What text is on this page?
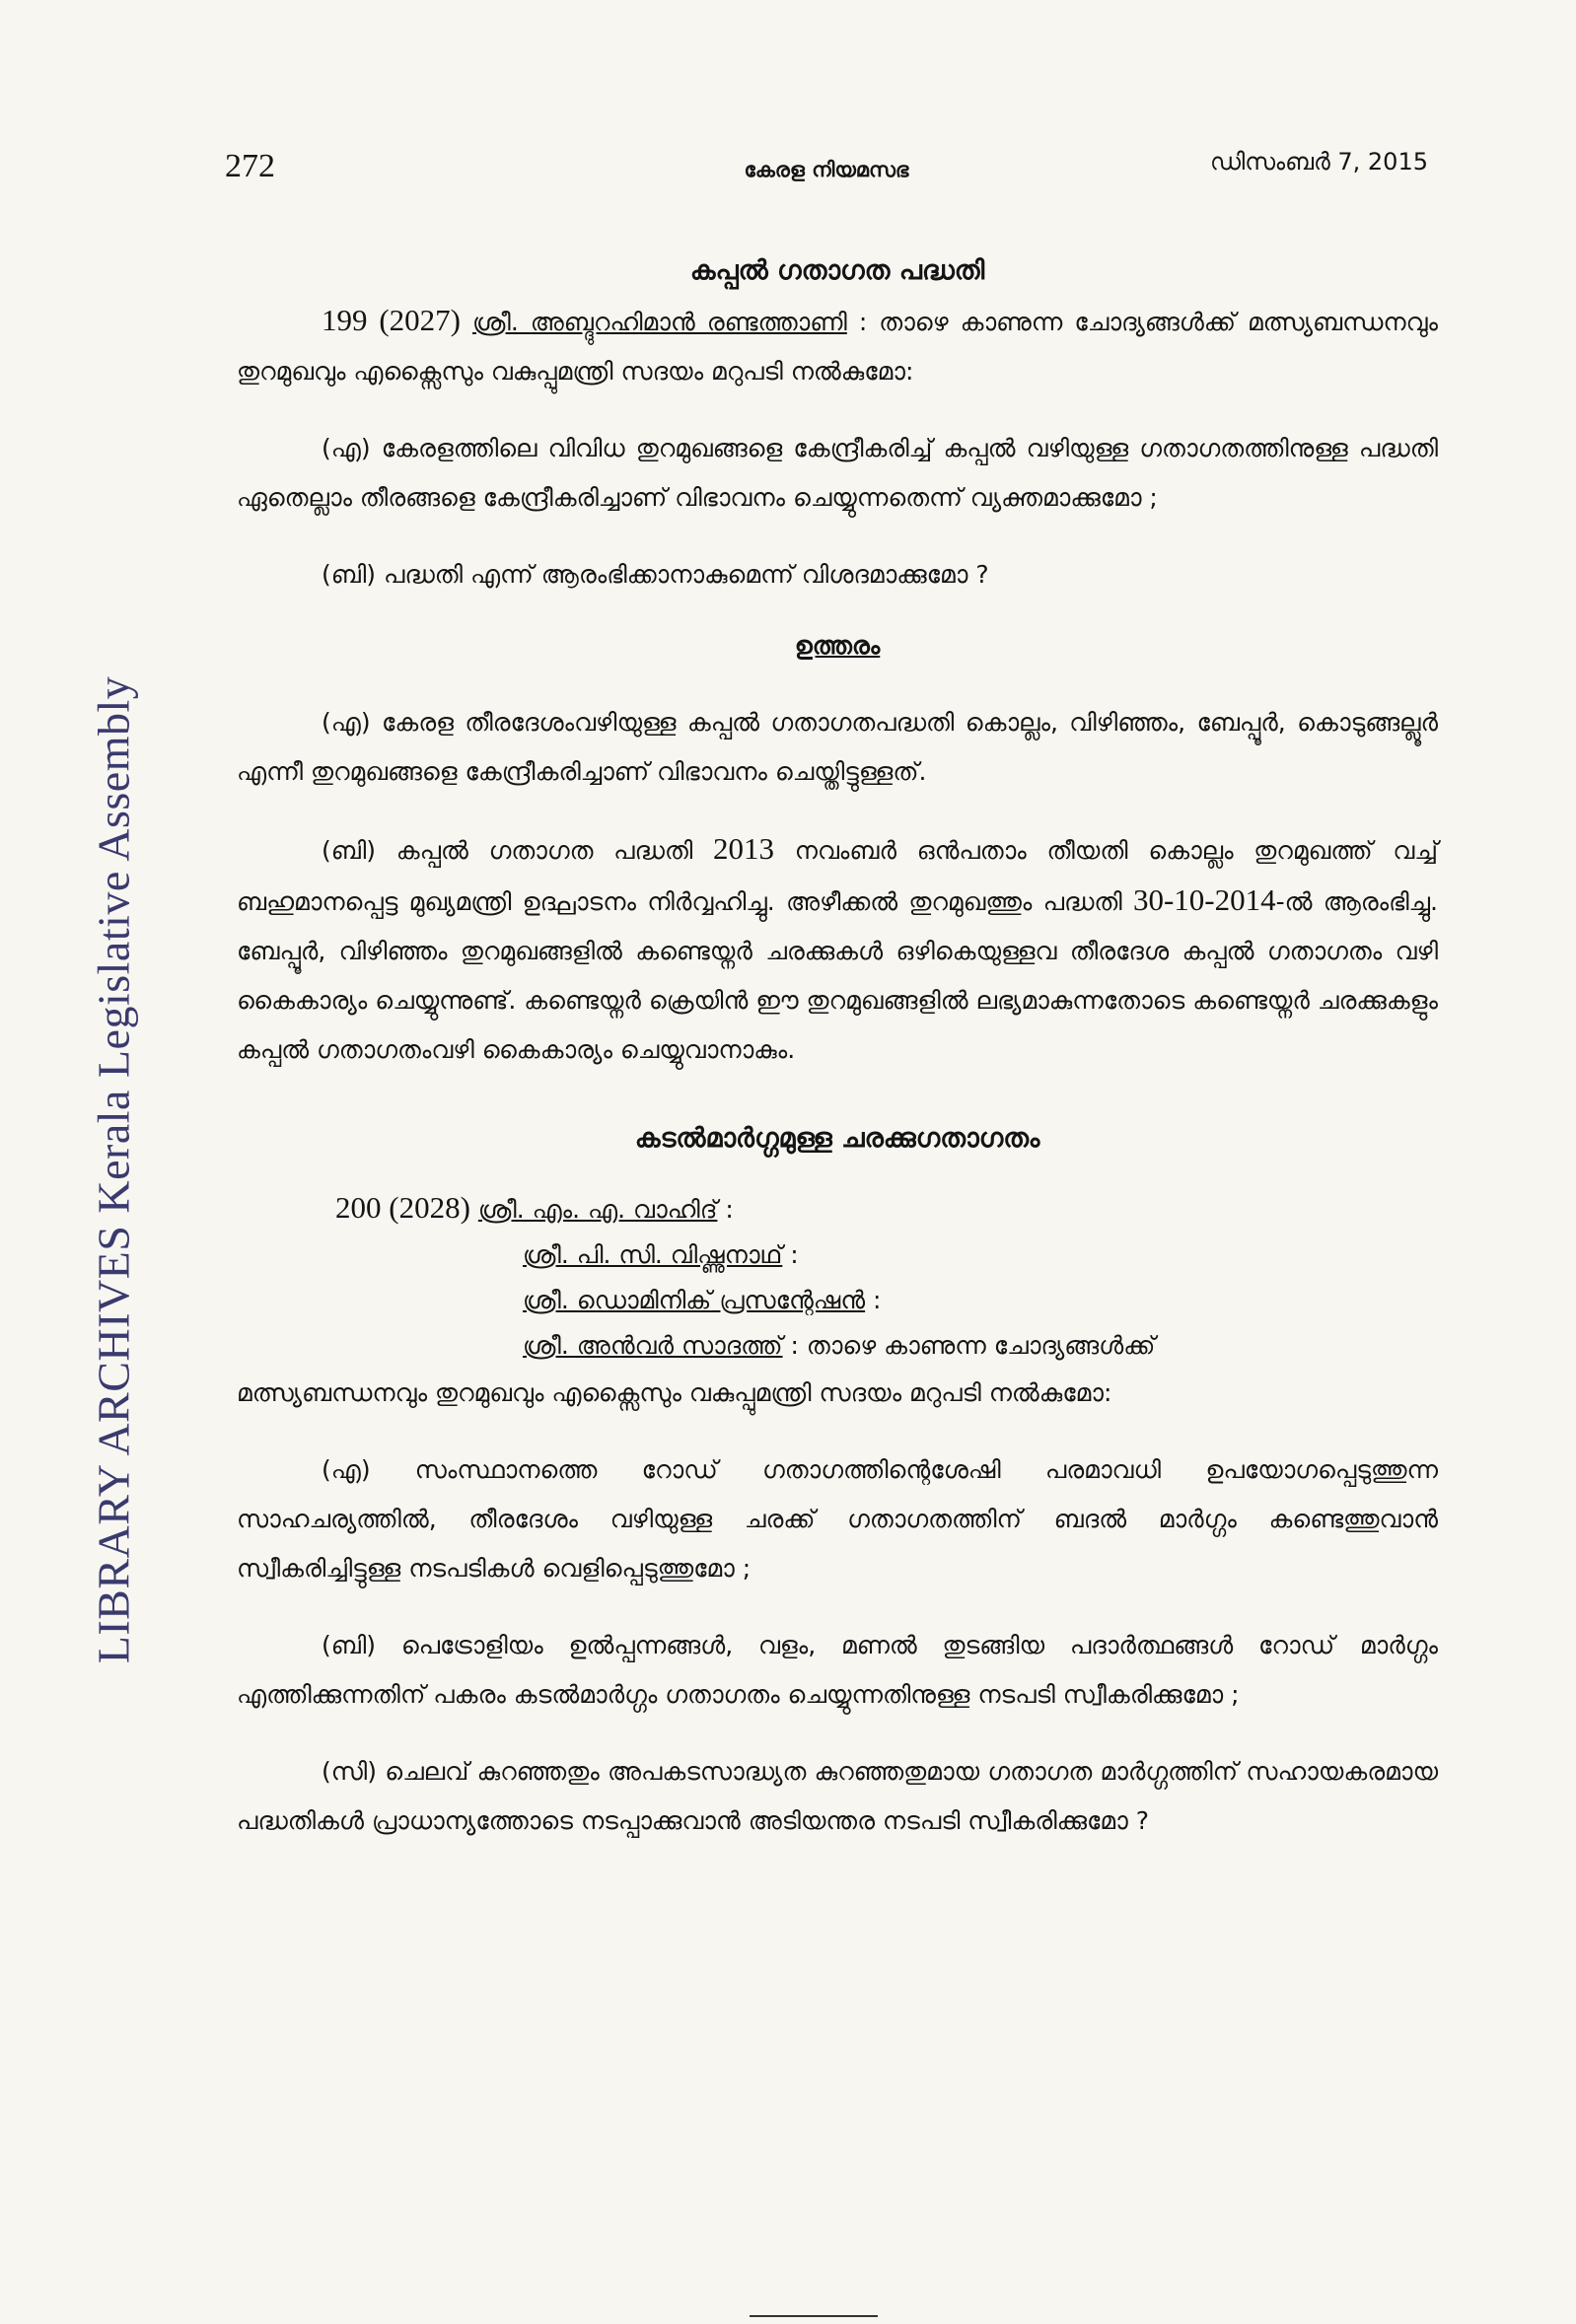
LIBRARY ARCHIVES Kerala Legislative Assembly
272	കേരള നിയമസഭ	ഡിസംബർ 7, 2015

കപ്പൽ ഗതാഗത പദ്ധതി

199 (2027) ശ്രീ. അബ്ദുറഹിമാൻ രണ്ടത്താണി : താഴെ കാണുന്ന ചോദ്യങ്ങൾക്ക് മത്സ്യബന്ധനവും തുറമുഖവും എക്സൈസും വകുപ്പുമന്ത്രി സദയം മറുപടി നൽകുമോ:

(എ) കേരളത്തിലെ വിവിധ തുറമുഖങ്ങളെ കേന്ദ്രീകരിച്ച് കപ്പൽ വഴിയുള്ള ഗതാഗതത്തിനുള്ള പദ്ധതി ഏതെല്ലാം തീരങ്ങളെ കേന്ദ്രീകരിച്ചാണ് വിഭാവനം ചെയ്യുന്നതെന്ന് വ്യക്തമാക്കുമോ ;

(ബി) പദ്ധതി എന്ന് ആരംഭിക്കാനാകുമെന്ന് വിശദമാക്കുമോ ?

ഉത്തരം

(എ) കേരള തീരദേശംവഴിയുള്ള കപ്പൽ ഗതാഗതപദ്ധതി കൊല്ലം, വിഴിഞ്ഞം, ബേപ്പൂർ, കൊടുങ്ങല്ലൂർ എന്നീ തുറമുഖങ്ങളെ കേന്ദ്രീകരിച്ചാണ് വിഭാവനം ചെയ്തിട്ടുള്ളത്.

(ബി) കപ്പൽ ഗതാഗത പദ്ധതി 2013 നവംബർ ഒൻപതാം തീയതി കൊല്ലം തുറമുഖത്ത് വച്ച് ബഹുമാനപ്പെട്ട മുഖ്യമന്ത്രി ഉദ്ഘാടനം നിർവ്വഹിച്ചു. അഴീക്കൽ തുറമുഖത്തും പദ്ധതി 30-10-2014-ൽ ആരംഭിച്ചു. ബേപ്പൂർ, വിഴിഞ്ഞം തുറമുഖങ്ങളിൽ കണ്ടെയ്നർ ചരക്കുകൾ ഒഴികെയുള്ളവ തീരദേശ കപ്പൽ ഗതാഗതം വഴി കൈകാര്യം ചെയ്യുന്നുണ്ട്. കണ്ടെയ്നർ ക്രെയിൻ ഈ തുറമുഖങ്ങളിൽ ലഭ്യമാകുന്നതോടെ കണ്ടെയ്നർ ചരക്കുകളും കപ്പൽ ഗതാഗതംവഴി കൈകാര്യം ചെയ്യുവാനാകും.

കടൽമാർഗ്ഗമുള്ള ചരക്കുഗതാഗതം

200 (2028) ശ്രീ. എം. എ. വാഹിദ് :
ശ്രീ. പി. സി. വിഷ്ണുനാഥ് :
ശ്രീ. ഡൊമിനിക് പ്രസന്റേഷൻ :
ശ്രീ. അൻവർ സാദത്ത് : താഴെ കാണുന്ന ചോദ്യങ്ങൾക്ക്
മത്സ്യബന്ധനവും തുറമുഖവും എക്സൈസും വകുപ്പുമന്ത്രി സദയം മറുപടി നൽകുമോ:

(എ) സംസ്ഥാനത്തെ റോഡ് ഗതാഗത്തിന്റെശേഷി പരമാവധി ഉപയോഗപ്പെടുത്തുന്ന സാഹചര്യത്തിൽ, തീരദേശം വഴിയുള്ള ചരക്ക് ഗതാഗതത്തിന് ബദൽ മാർഗ്ഗം കണ്ടെത്തുവാൻ സ്വീകരിച്ചിട്ടുള്ള നടപടികൾ വെളിപ്പെടുത്തുമോ ;

(ബി) പെട്രോളിയം ഉൽപ്പന്നങ്ങൾ, വളം, മണൽ തുടങ്ങിയ പദാർത്ഥങ്ങൾ റോഡ് മാർഗ്ഗം എത്തിക്കുന്നതിന് പകരം കടൽമാർഗ്ഗം ഗതാഗതം ചെയ്യുന്നതിനുള്ള നടപടി സ്വീകരിക്കുമോ ;

(സി) ചെലവ് കുറഞ്ഞതും അപകടസാദ്ധ്യത കുറഞ്ഞതുമായ ഗതാഗത മാർഗ്ഗത്തിന് സഹായകരമായ പദ്ധതികൾ പ്രാധാന്യത്തോടെ നടപ്പാക്കുവാൻ അടിയന്തര നടപടി സ്വീകരിക്കുമോ ?
